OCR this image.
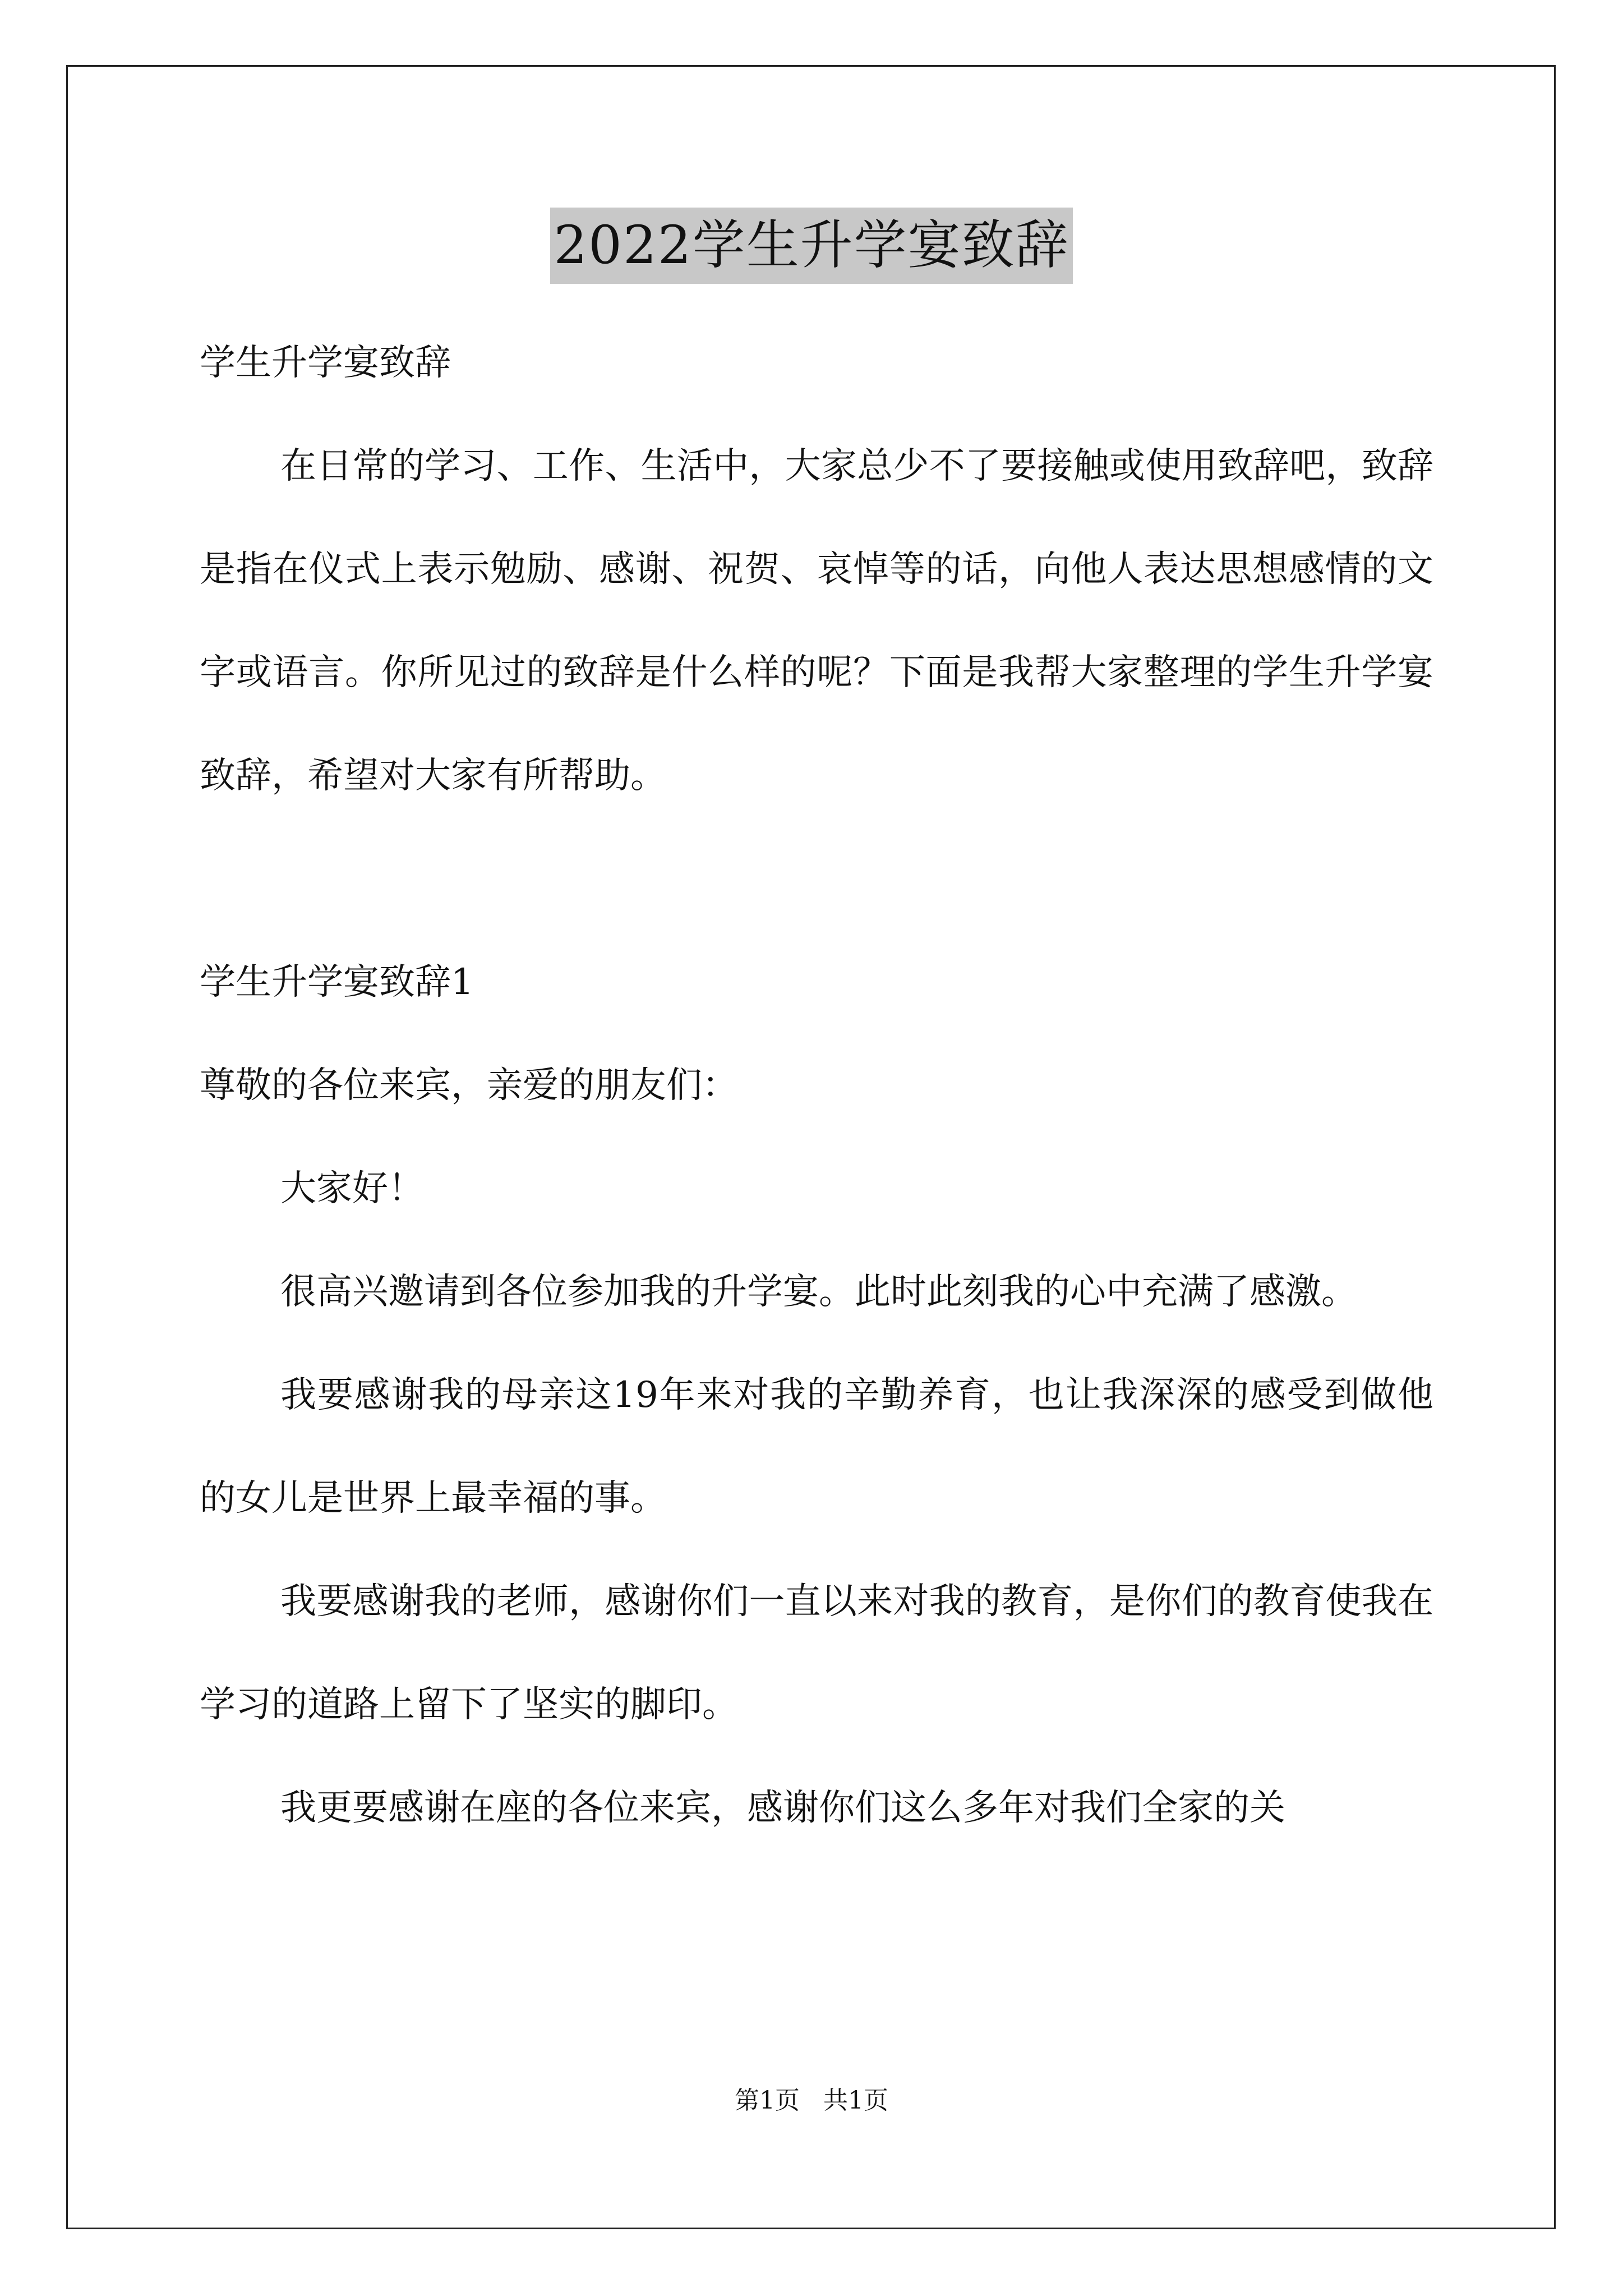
2022学生升学宴致辞

学生升学宴致辞

在日常的学习、工作、生活中，大家总少不了要接触或使用致辞吧，致辞是指在仪式上表示勉励、感谢、祝贺、哀悼等的话，向他人表达思想感情的文字或语言。你所见过的致辞是什么样的呢？下面是我帮大家整理的学生升学宴致辞，希望对大家有所帮助。

学生升学宴致辞1

尊敬的各位来宾，亲爱的朋友们：

大家好！

很高兴邀请到各位参加我的升学宴。此时此刻我的心中充满了感激。

我要感谢我的母亲这19年来对我的辛勤养育，也让我深深的感受到做他的女儿是世界上最幸福的事。

我要感谢我的老师，感谢你们一直以来对我的教育，是你们的教育使我在学习的道路上留下了坚实的脚印。

我更要感谢在座的各位来宾，感谢你们这么多年对我们全家的关

第1页 共1页
